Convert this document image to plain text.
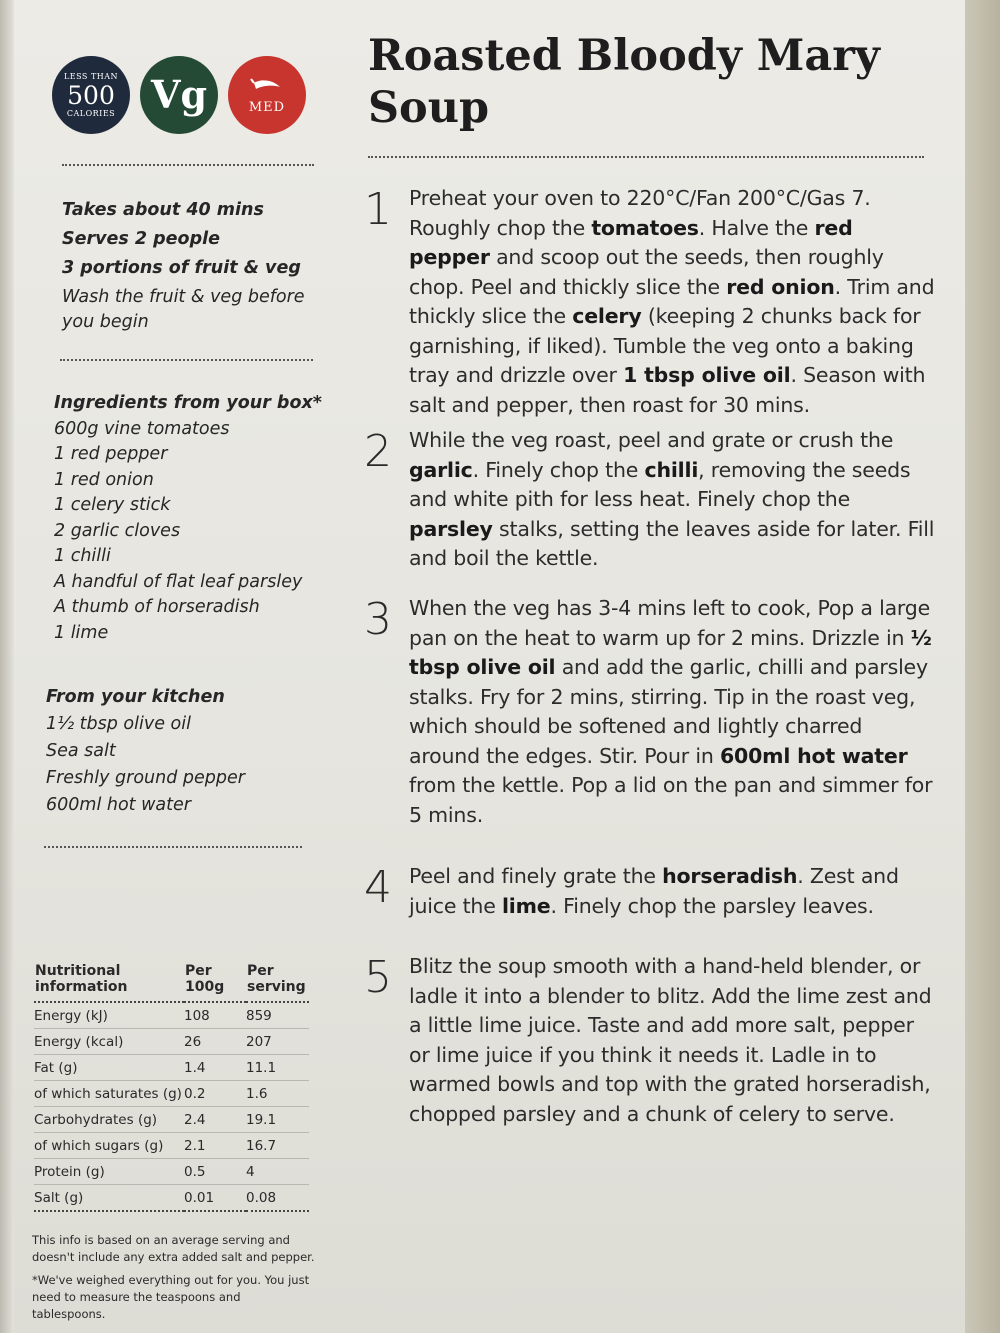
LESS THAN
500
CALORIES Vg	MED

Takes about 40 mins

Serves 2 people

3 portions of fruit & veg

Wash the fruit & veg before you begin

Ingredients from your box*

600g vine tomatoes

1 red pepper

1 red onion

1 celery stick

2 garlic cloves

1 chilli

A handful of flat leaf parsley

A thumb of horseradish

1 lime

From your kitchen

1½ tbsp olive oil

Sea salt

Freshly ground pepper

600ml hot water

Nutritional information	Per 100g	Per serving
Energy (kJ)	108	859
Energy (kcal)	26	207
Fat (g)	1.4	11.1
of which saturates (g)	0.2	1.6
Carbohydrates (g)	2.4	19.1
of which sugars (g)	2.1	16.7
Protein (g)	0.5	4
Salt (g)	0.01	0.08

This info is based on an average serving and doesn't include any extra added salt and pepper.

*We've weighed everything out for you. You just need to measure the teaspoons and tablespoons.

Roasted Bloody Mary Soup
1 Preheat your oven to 220°C/Fan 200°C/Gas 7. Roughly chop the tomatoes. Halve the red pepper and scoop out the seeds, then roughly chop. Peel and thickly slice the red onion. Trim and thickly slice the celery (keeping 2 chunks back for garnishing, if liked). Tumble the veg onto a baking tray and drizzle over 1 tbsp olive oil. Season with salt and pepper, then roast for 30 mins.
2 While the veg roast, peel and grate or crush the garlic. Finely chop the chilli, removing the seeds and white pith for less heat. Finely chop the parsley stalks, setting the leaves aside for later. Fill and boil the kettle.
3 When the veg has 3-4 mins left to cook, Pop a large pan on the heat to warm up for 2 mins. Drizzle in ½ tbsp olive oil and add the garlic, chilli and parsley stalks. Fry for 2 mins, stirring. Tip in the roast veg, which should be softened and lightly charred around the edges. Stir. Pour in 600ml hot water from the kettle. Pop a lid on the pan and simmer for 5 mins.
4 Peel and finely grate the horseradish. Zest and juice the lime. Finely chop the parsley leaves.
5 Blitz the soup smooth with a hand-held blender, or ladle it into a blender to blitz. Add the lime zest and a little lime juice. Taste and add more salt, pepper or lime juice if you think it needs it. Ladle in to warmed bowls and top with the grated horseradish, chopped parsley and a chunk of celery to serve.
